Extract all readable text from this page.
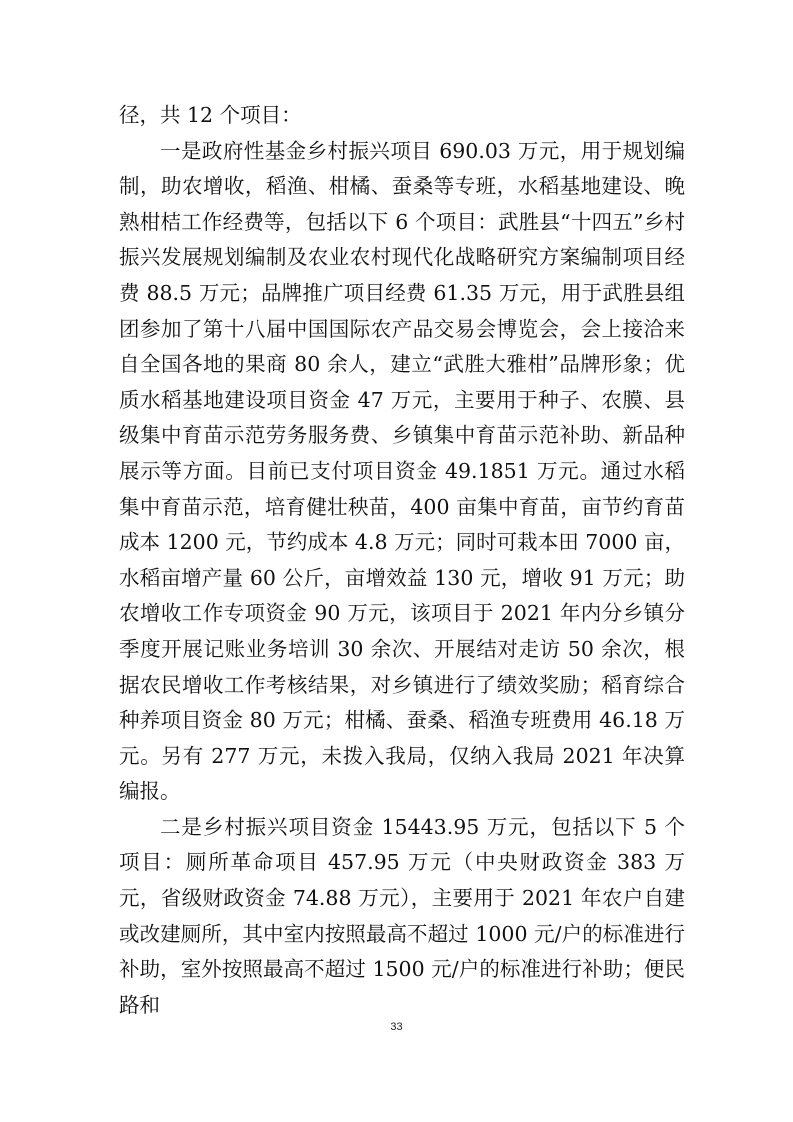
径，共 12 个项目：

一是政府性基金乡村振兴项目 690.03 万元，用于规划编制，助农增收，稻渔、柑橘、蚕桑等专班，水稻基地建设、晚熟柑桔工作经费等，包括以下 6 个项目：武胜县“十四五”乡村振兴发展规划编制及农业农村现代化战略研究方案编制项目经费 88.5 万元；品牌推广项目经费 61.35 万元，用于武胜县组团参加了第十八届中国国际农产品交易会博览会，会上接洽来自全国各地的果商 80 余人，建立“武胜大雅柑”品牌形象；优质水稻基地建设项目资金 47 万元，主要用于种子、农膜、县级集中育苗示范劳务服务费、乡镇集中育苗示范补助、新品种展示等方面。目前已支付项目资金 49.1851 万元。通过水稻集中育苗示范，培育健壮秧苗，400 亩集中育苗，亩节约育苗成本 1200 元，节约成本 4.8 万元；同时可栽本田 7000 亩，水稻亩增产量 60 公斤，亩增效益 130 元，增收 91 万元；助农增收工作专项资金 90 万元，该项目于 2021 年内分乡镇分季度开展记账业务培训 30 余次、开展结对走访 50 余次，根据农民增收工作考核结果，对乡镇进行了绩效奖励；稻育综合种养项目资金 80 万元；柑橘、蚕桑、稻渔专班费用 46.18 万元。另有 277 万元，未拨入我局，仅纳入我局 2021 年决算编报。

二是乡村振兴项目资金 15443.95 万元，包括以下 5 个项目：厕所革命项目 457.95 万元（中央财政资金 383 万元，省级财政资金 74.88 万元），主要用于 2021 年农户自建或改建厕所，其中室内按照最高不超过 1000 元/户的标准进行补助，室外按照最高不超过 1500 元/户的标准进行补助；便民路和

33
